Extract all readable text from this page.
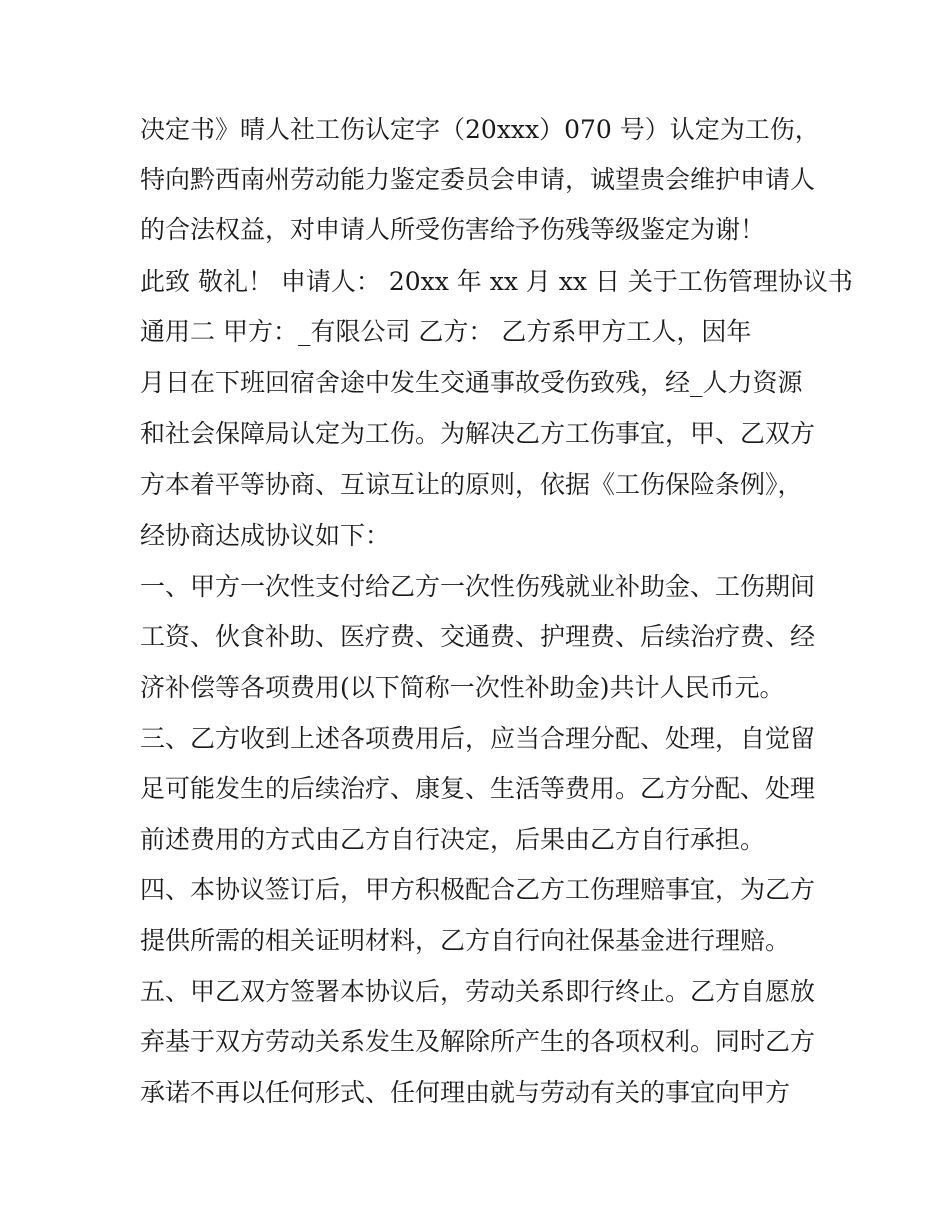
决定书》晴人社工伤认定字（20xxx）070 号）认定为工伤，
特向黔西南州劳动能力鉴定委员会申请，诚望贵会维护申请人
的合法权益，对申请人所受伤害给予伤残等级鉴定为谢！
此致 敬礼！ 申请人： 20xx 年 xx 月 xx 日 关于工伤管理协议书
通用二 甲方：_有限公司 乙方： 乙方系甲方工人，因年
月日在下班回宿舍途中发生交通事故受伤致残，经_人力资源
和社会保障局认定为工伤。为解决乙方工伤事宜，甲、乙双方
方本着平等协商、互谅互让的原则，依据《工伤保险条例》，
经协商达成协议如下：
一、甲方一次性支付给乙方一次性伤残就业补助金、工伤期间
工资、伙食补助、医疗费、交通费、护理费、后续治疗费、经
济补偿等各项费用(以下简称一次性补助金)共计人民币元。
三、乙方收到上述各项费用后，应当合理分配、处理，自觉留
足可能发生的后续治疗、康复、生活等费用。乙方分配、处理
前述费用的方式由乙方自行决定，后果由乙方自行承担。
四、本协议签订后，甲方积极配合乙方工伤理赔事宜，为乙方
提供所需的相关证明材料，乙方自行向社保基金进行理赔。
五、甲乙双方签署本协议后，劳动关系即行终止。乙方自愿放
弃基于双方劳动关系发生及解除所产生的各项权利。同时乙方
承诺不再以任何形式、任何理由就与劳动有关的事宜向甲方
